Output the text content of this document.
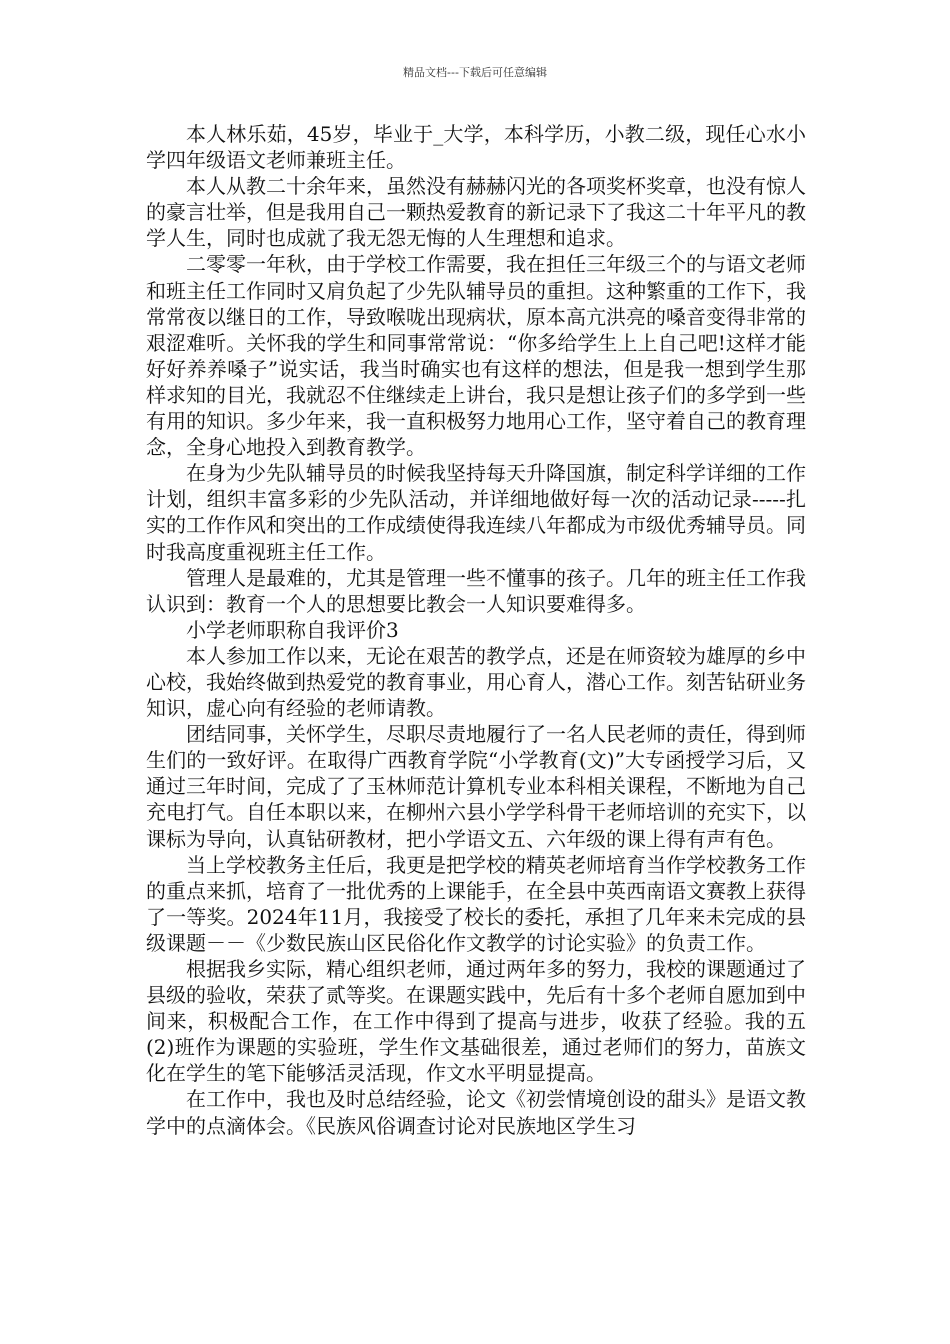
精品文档---下载后可任意编辑

本人林乐茹，45岁，毕业于_大学，本科学历，小教二级，现任心水小学四年级语文老师兼班主任。

本人从教二十余年来，虽然没有赫赫闪光的各项奖杯奖章，也没有惊人的豪言壮举，但是我用自己一颗热爱教育的新记录下了我这二十年平凡的教学人生，同时也成就了我无怨无悔的人生理想和追求。

二零零一年秋，由于学校工作需要，我在担任三年级三个的与语文老师和班主任工作同时又肩负起了少先队辅导员的重担。这种繁重的工作下，我常常夜以继日的工作，导致喉咙出现病状，原本高亢洪亮的嗓音变得非常的艰涩难听。关怀我的学生和同事常常说：“你多给学生上上自己吧!这样才能好好养养嗓子”说实话，我当时确实也有这样的想法，但是我一想到学生那样求知的目光，我就忍不住继续走上讲台，我只是想让孩子们的多学到一些有用的知识。多少年来，我一直积极努力地用心工作，坚守着自己的教育理念，全身心地投入到教育教学。

在身为少先队辅导员的时候我坚持每天升降国旗，制定科学详细的工作计划，组织丰富多彩的少先队活动，并详细地做好每一次的活动记录-----扎实的工作作风和突出的工作成绩使得我连续八年都成为市级优秀辅导员。同时我高度重视班主任工作。

管理人是最难的，尤其是管理一些不懂事的孩子。几年的班主任工作我认识到：教育一个人的思想要比教会一人知识要难得多。

小学老师职称自我评价3

本人参加工作以来，无论在艰苦的教学点，还是在师资较为雄厚的乡中心校，我始终做到热爱党的教育事业，用心育人，潜心工作。刻苦钻研业务知识，虚心向有经验的老师请教。

团结同事，关怀学生，尽职尽责地履行了一名人民老师的责任，得到师生们的一致好评。在取得广西教育学院“小学教育(文)”大专函授学习后，又通过三年时间，完成了了玉林师范计算机专业本科相关课程，不断地为自己充电打气。自任本职以来，在柳州六县小学学科骨干老师培训的充实下，以课标为导向，认真钻研教材，把小学语文五、六年级的课上得有声有色。

当上学校教务主任后，我更是把学校的精英老师培育当作学校教务工作的重点来抓，培育了一批优秀的上课能手，在全县中英西南语文赛教上获得了一等奖。2024年11月，我接受了校长的委托，承担了几年来未完成的县级课题－－《少数民族山区民俗化作文教学的讨论实验》的负责工作。

根据我乡实际，精心组织老师，通过两年多的努力，我校的课题通过了县级的验收，荣获了贰等奖。在课题实践中，先后有十多个老师自愿加到中间来，积极配合工作，在工作中得到了提高与进步，收获了经验。我的五(2)班作为课题的实验班，学生作文基础很差，通过老师们的努力，苗族文化在学生的笔下能够活灵活现，作文水平明显提高。

在工作中，我也及时总结经验，论文《初尝情境创设的甜头》是语文教学中的点滴体会。《民族风俗调查讨论对民族地区学生习
